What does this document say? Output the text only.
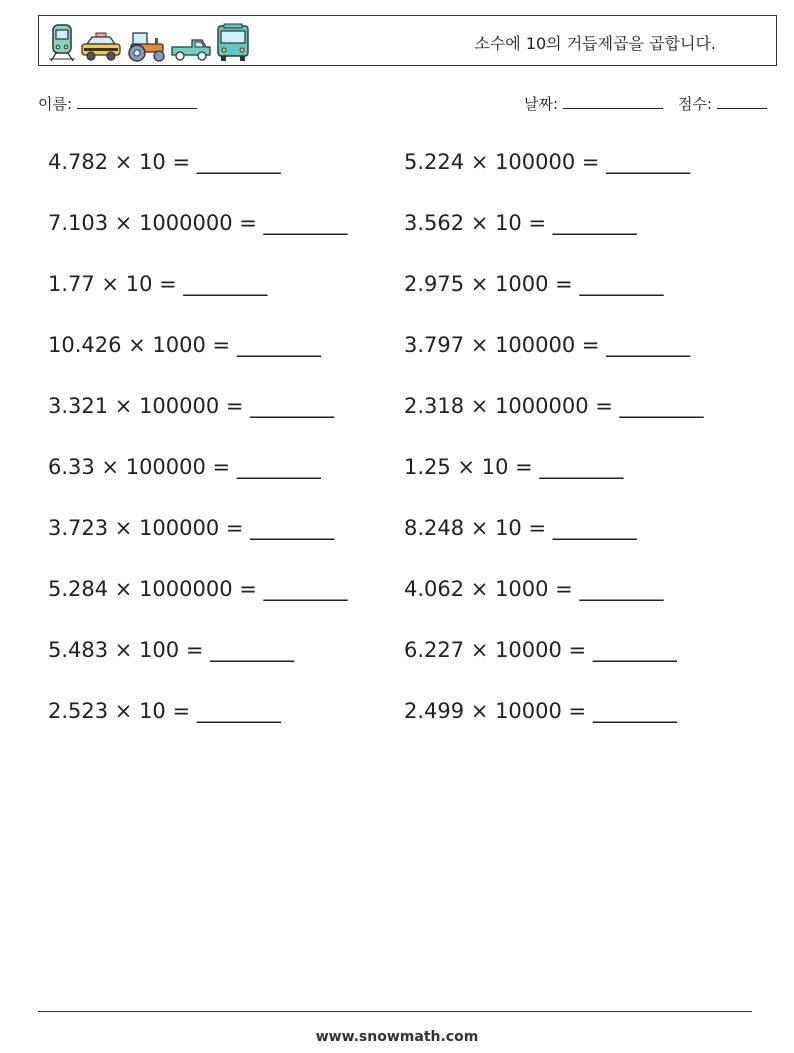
소수에 10의 거듭제곱을 곱합니다.
이름:	날짜:	점수:
4.782 × 10 = ________	5.224 × 100000 = ________
7.103 × 1000000 = ________	3.562 × 10 = ________
1.77 × 10 = ________	2.975 × 1000 = ________
10.426 × 1000 = ________	3.797 × 100000 = ________
3.321 × 100000 = ________	2.318 × 1000000 = ________
6.33 × 100000 = ________	1.25 × 10 = ________
3.723 × 100000 = ________	8.248 × 10 = ________
5.284 × 1000000 = ________	4.062 × 1000 = ________
5.483 × 100 = ________	6.227 × 10000 = ________
2.523 × 10 = ________	2.499 × 10000 = ________
www.snowmath.com
